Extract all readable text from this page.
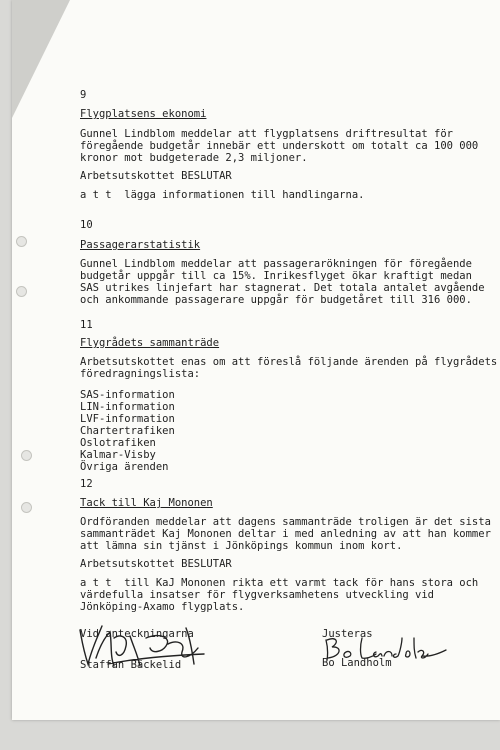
9
Flygplatsens ekonomi
Gunnel Lindblom meddelar att flygplatsens driftresultat för
föregående budgetår innebär ett underskott om totalt ca 100 000
kronor mot budgeterade 2,3 miljoner.
Arbetsutskottet BESLUTAR
a t t  lägga informationen till handlingarna.
10
Passagerarstatistik
Gunnel Lindblom meddelar att passagerarökningen för föregående
budgetår uppgår till ca 15%. Inrikesflyget ökar kraftigt medan
SAS utrikes linjefart har stagnerat. Det totala antalet avgående
och ankommande passagerare uppgår för budgetåret till 316 000.
11
Flygrådets sammanträde
Arbetsutskottet enas om att föreslå följande ärenden på flygrådets
föredragningslista:
SAS-information
LIN-information
LVF-information
Chartertrafiken
Oslotrafiken
Kalmar-Visby
Övriga ärenden
12
Tack till Kaj Mononen
Ordföranden meddelar att dagens sammanträde troligen är det sista
sammanträdet Kaj Mononen deltar i med anledning av att han kommer
att lämna sin tjänst i Jönköpings kommun inom kort.
Arbetsutskottet BESLUTAR
a t t  till KaJ Mononen rikta ett varmt tack för hans stora och
värdefulla insatser för flygverksamhetens utveckling vid
Jönköping-Axamo flygplats.
Vid anteckningarna
Staffan Bäckelid
Justeras
Bo Landholm
